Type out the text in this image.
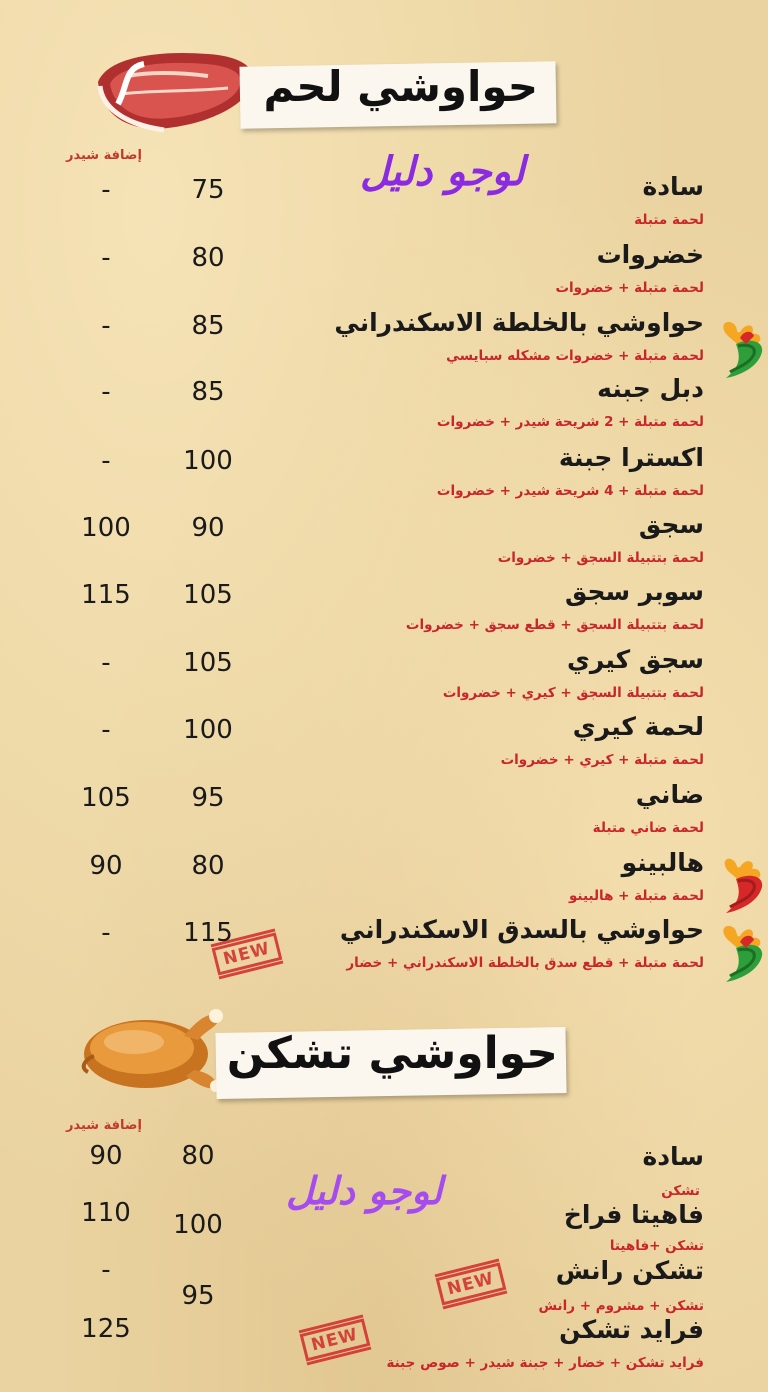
حواوشي لحم
إضافة شيدر	لوجو دليل	سادة
لحمة متبلة
75
-
خضروات
لحمة متبلة + خضروات
80
-
حواوشي بالخلطة الاسكندراني
لحمة متبلة + خضروات مشكله سبايسي
85
-
دبل جبنه
لحمة متبلة + 2 شريحة شيدر + خضروات
85
-
اكسترا جبنة
لحمة متبلة + 4 شريحة شيدر + خضروات
100
-
سجق
لحمة بتتبيلة السجق + خضروات
90
100
سوبر سجق
لحمة بتتبيلة السجق + قطع سجق + خضروات
105
115
سجق كيري
لحمة بتتبيلة السجق + كيري + خضروات
105
-
لحمة كيري
لحمة متبلة + كيري + خضروات
100
-
ضاني
لحمة ضاني متبلة
95
105
هالبينو
لحمة متبلة + هالبينو
80
90
حواوشي بالسدق الاسكندراني
لحمة متبلة + قطع سدق بالخلطة الاسكندراني + خضار
115
-
NEW
حواوشي تشكن
إضافة شيدر
لوجو دليل
سادة
تشكن
فاهيتا فراخ
تشكن +فاهيتا
تشكن رانش
تشكن + مشروم + رانش
فرايد تشكن
فرايد تشكن + خضار + جبنة شيدر + صوص جبنة
80
100
95
90
110
-
125
NEW
NEW
